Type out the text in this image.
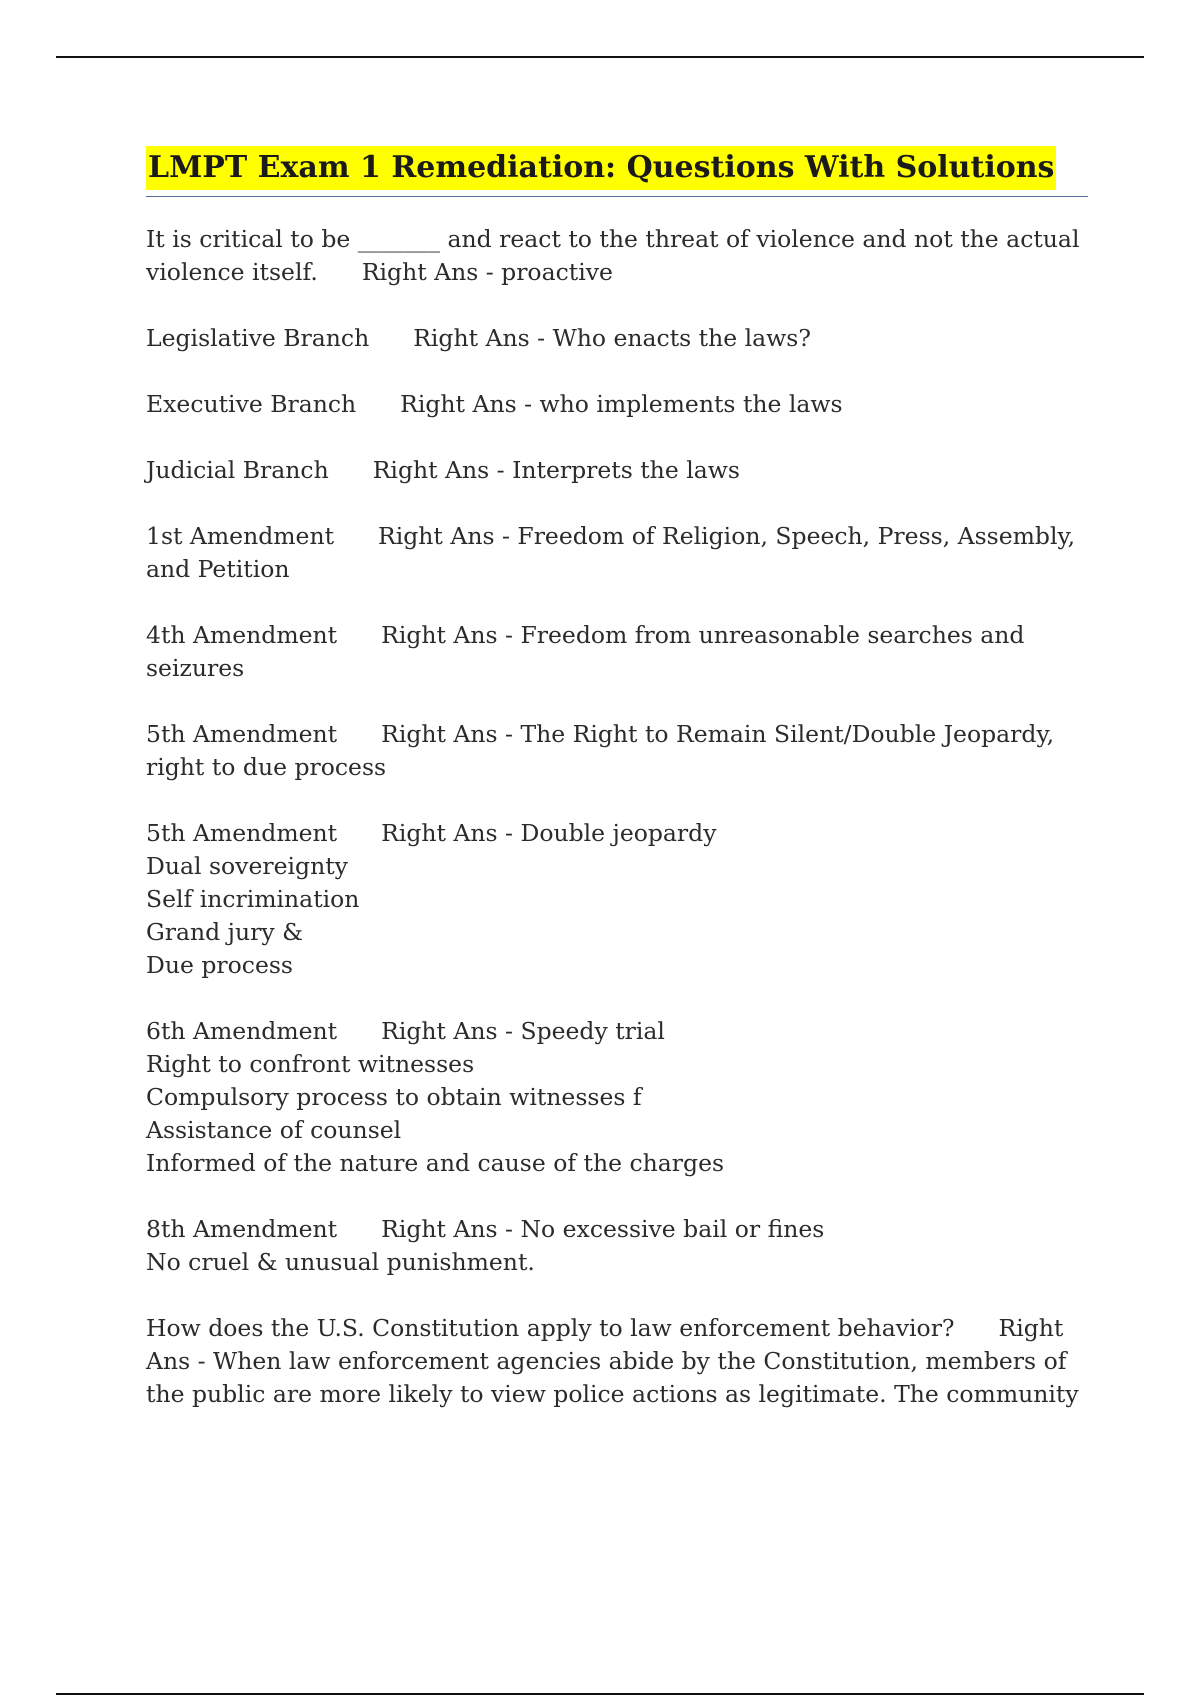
LMPT Exam 1 Remediation: Questions With Solutions
It is critical to be _______ and react to the threat of violence and not the actual violence itself. Right Ans - proactive
Legislative Branch Right Ans - Who enacts the laws?
Executive Branch Right Ans - who implements the laws
Judicial Branch Right Ans - Interprets the laws
1st Amendment Right Ans - Freedom of Religion, Speech, Press, Assembly, and Petition
4th Amendment Right Ans - Freedom from unreasonable searches and seizures
5th Amendment Right Ans - The Right to Remain Silent/Double Jeopardy, right to due process
5th Amendment Right Ans - Double jeopardy
Dual sovereignty
Self incrimination
Grand jury &
Due process
6th Amendment Right Ans - Speedy trial
Right to confront witnesses
Compulsory process to obtain witnesses f
Assistance of counsel
Informed of the nature and cause of the charges
8th Amendment Right Ans - No excessive bail or fines
No cruel & unusual punishment.
How does the U.S. Constitution apply to law enforcement behavior? Right Ans - When law enforcement agencies abide by the Constitution, members of the public are more likely to view police actions as legitimate. The community
